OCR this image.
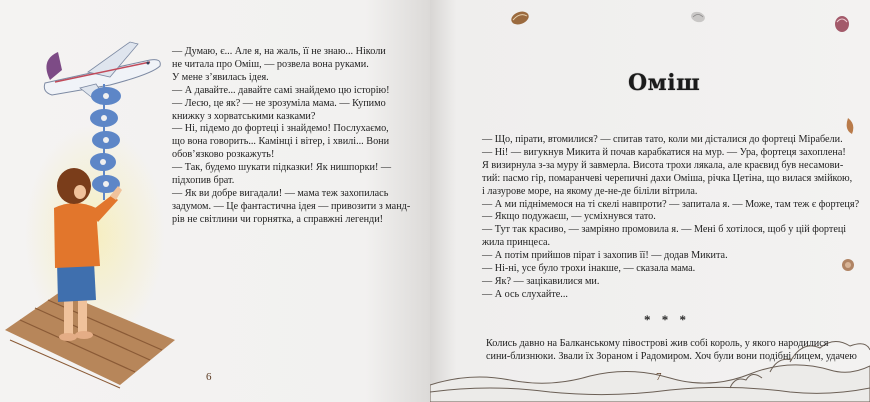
— Думаю, є... Але я, на жаль, її не знаю... Ніколи

не читала про Оміш, — розвела вона руками.

У мене з’явилась ідея.

— А давайте... давайте самі знайдемо цю історію!

— Лесю, це як? — не зрозуміла мама. — Купимо

книжку з хорватськими казками?

— Ні, підемо до фортеці і знайдемо! Послухаємо,

що вона говорить... Камінці і вітер, і хвилі... Вони

обов’язково розкажуть!

— Так, будемо шукати підказки! Як нишпорки! —

підхопив брат.

— Як ви добре вигадали! — мама теж захопилась

задумом. — Це фантастична ідея — привозити з манд-

рів не світлини чи горнятка, а справжні легенди!

6
Оміш

— Що, пірати, втомилися? — спитав тато, коли ми дісталися до фортеці Мірабели.

— Ні! — вигукнув Микита й почав карабкатися на мур. — Ура, фортеця захоплена!

Я визирнула з-за муру й завмерла. Висота трохи лякала, але краєвид був несамови-

тий: пасмо гір, помаранчеві черепичні дахи Оміша, річка Цетіна, що вилася змійкою,

і лазурове море, на якому де-не-де біліли вітрила.

— А ми піднімемося на ті скелі навпроти? — запитала я. — Може, там теж є фортеця?

— Якщо подужаєш, — усміхнувся тато.

— Тут так красиво, — замріяно промовила я. — Мені б хотілося, щоб у цій фортеці

жила принцеса.

— А потім прийшов пірат і захопив її! — додав Микита.

— Ні-ні, усе було трохи інакше, — сказала мама.

— Як? — зацікавилися ми.

— А ось слухайте...

* * *

Колись давно на Балканському півострові жив собі король, у якого народилися

сини-близнюки. Звали їх Зораном і Радомиром. Хоч були вони подібні лицем, удачею

7
